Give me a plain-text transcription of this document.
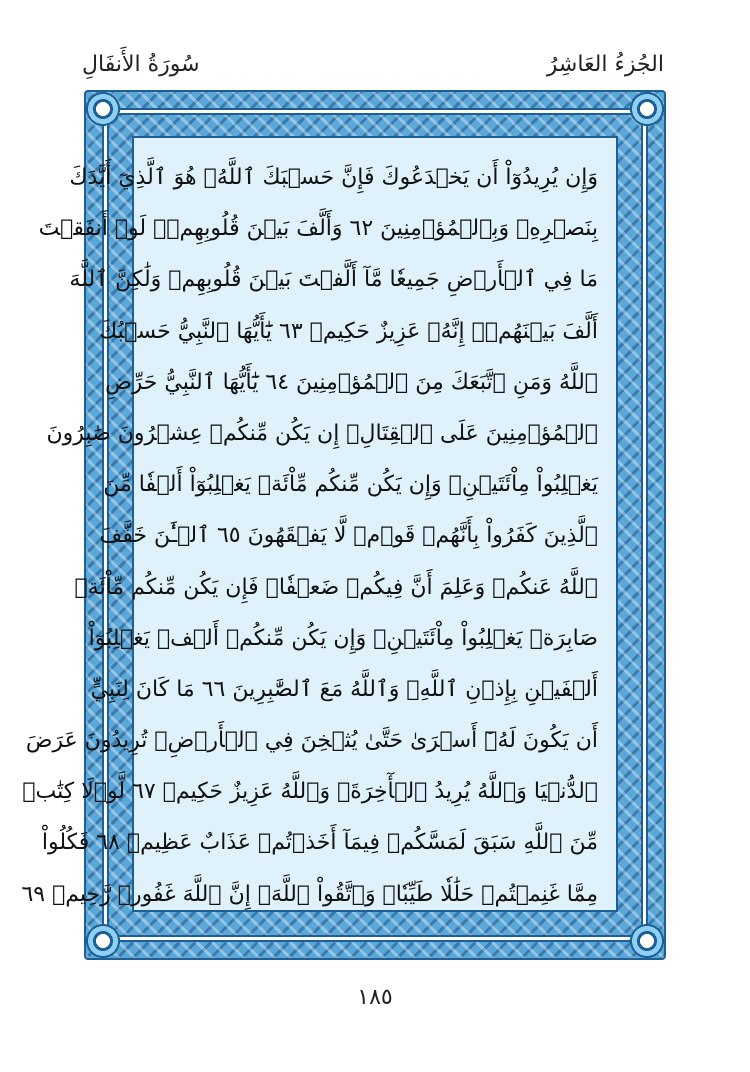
سُورَةُ الأَنفَالِ	الجُزءُ العَاشِرُ
وَإِن يُرِيدُوٓاْ أَن يَخۡدَعُوكَ فَإِنَّ حَسۡبَكَ ٱللَّهُۚ هُوَ ٱلَّذِيٓ أَيَّدَكَ
بِنَصۡرِهِۦ وَبِٱلۡمُؤۡمِنِينَ ٦٢ وَأَلَّفَ بَيۡنَ قُلُوبِهِمۡۚ لَوۡ أَنفَقۡتَ
مَا فِي ٱلۡأَرۡضِ جَمِيعٗا مَّآ أَلَّفۡتَ بَيۡنَ قُلُوبِهِمۡ وَلَٰكِنَّ ٱللَّهَ
أَلَّفَ بَيۡنَهُمۡۚ إِنَّهُۥ عَزِيزٌ حَكِيمٞ ٦٣ يَٰٓأَيُّهَا ٱلنَّبِيُّ حَسۡبُكَ
ٱللَّهُ وَمَنِ ٱتَّبَعَكَ مِنَ ٱلۡمُؤۡمِنِينَ ٦٤ يَٰٓأَيُّهَا ٱلنَّبِيُّ حَرِّضِ
ٱلۡمُؤۡمِنِينَ عَلَى ٱلۡقِتَالِۚ إِن يَكُن مِّنكُمۡ عِشۡرُونَ صَٰبِرُونَ
يَغۡلِبُواْ مِاْئَتَيۡنِۚ وَإِن يَكُن مِّنكُم مِّاْئَةٞ يَغۡلِبُوٓاْ أَلۡفٗا مِّنَ
ٱلَّذِينَ كَفَرُواْ بِأَنَّهُمۡ قَوۡمٞ لَّا يَفۡقَهُونَ ٦٥ ٱلۡـَٰٔنَ خَفَّفَ
ٱللَّهُ عَنكُمۡ وَعَلِمَ أَنَّ فِيكُمۡ ضَعۡفٗاۚ فَإِن يَكُن مِّنكُم مِّاْئَةٞ
صَابِرَةٞ يَغۡلِبُواْ مِاْئَتَيۡنِۚ وَإِن يَكُن مِّنكُمۡ أَلۡفٞ يَغۡلِبُوٓاْ
أَلۡفَيۡنِ بِإِذۡنِ ٱللَّهِۗ وَٱللَّهُ مَعَ ٱلصَّٰبِرِينَ ٦٦ مَا كَانَ لِنَبِيٍّ
أَن يَكُونَ لَهُۥٓ أَسۡرَىٰ حَتَّىٰ يُثۡخِنَ فِي ٱلۡأَرۡضِۚ تُرِيدُونَ عَرَضَ
ٱلدُّنۡيَا وَٱللَّهُ يُرِيدُ ٱلۡأٓخِرَةَۗ وَٱللَّهُ عَزِيزٌ حَكِيمٞ ٦٧ لَّوۡلَا كِتَٰبٞ
مِّنَ ٱللَّهِ سَبَقَ لَمَسَّكُمۡ فِيمَآ أَخَذۡتُمۡ عَذَابٌ عَظِيمٞ ٦٨ فَكُلُواْ
مِمَّا غَنِمۡتُمۡ حَلَٰلٗا طَيِّبٗاۚ وَٱتَّقُواْ ٱللَّهَۚ إِنَّ ٱللَّهَ غَفُورٞ رَّحِيمٞ ٦٩
١٨٥
